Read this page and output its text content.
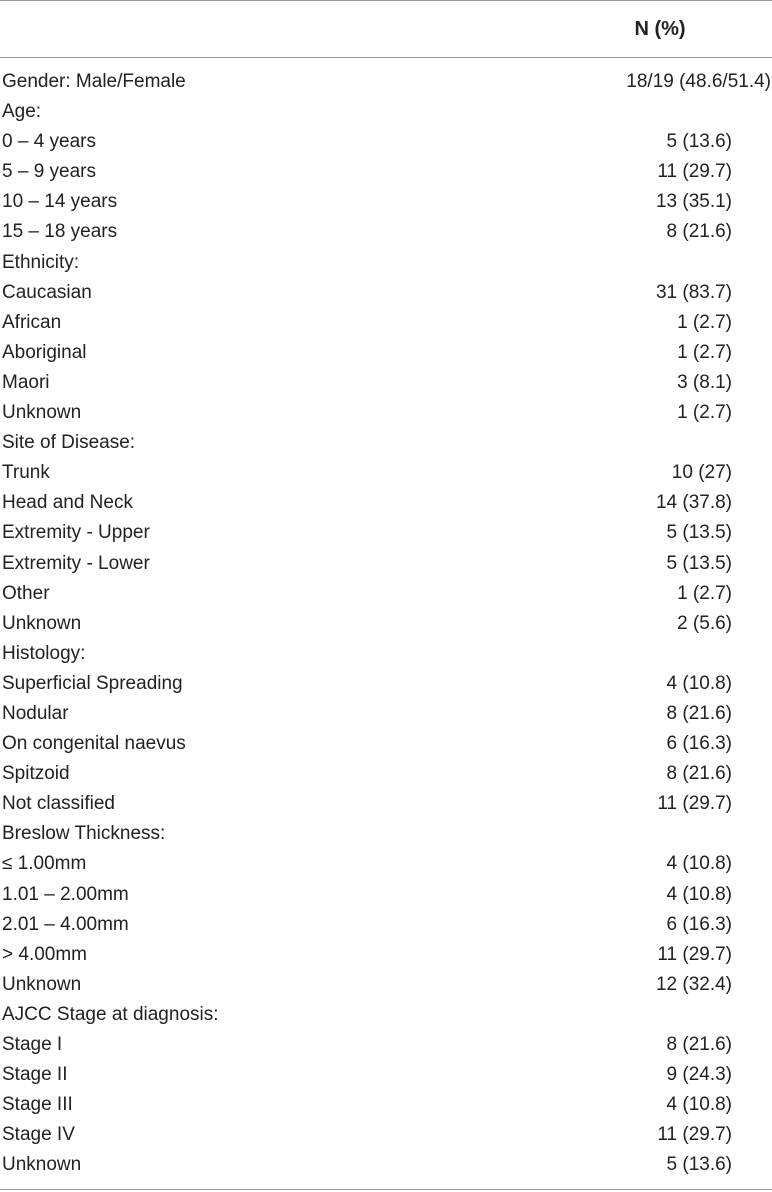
N (%)
Gender: Male/Female	18/19 (48.6/51.4)
Age:
0 – 4 years	5 (13.6)
5 – 9 years	11 (29.7)
10 – 14 years	13 (35.1)
15 – 18 years	8 (21.6)
Ethnicity:
Caucasian	31 (83.7)
African	1 (2.7)
Aboriginal	1 (2.7)
Maori	3 (8.1)
Unknown	1 (2.7)
Site of Disease:
Trunk	10 (27)
Head and Neck	14 (37.8)
Extremity - Upper	5 (13.5)
Extremity - Lower	5 (13.5)
Other	1 (2.7)
Unknown	2 (5.6)
Histology:
Superficial Spreading	4 (10.8)
Nodular	8 (21.6)
On congenital naevus	6 (16.3)
Spitzoid	8 (21.6)
Not classified	11 (29.7)
Breslow Thickness:
≤ 1.00mm	4 (10.8)
1.01 – 2.00mm	4 (10.8)
2.01 – 4.00mm	6 (16.3)
> 4.00mm	11 (29.7)
Unknown	12 (32.4)
AJCC Stage at diagnosis:
Stage I	8 (21.6)
Stage II	9 (24.3)
Stage III	4 (10.8)
Stage IV	11 (29.7)
Unknown	5 (13.6)
